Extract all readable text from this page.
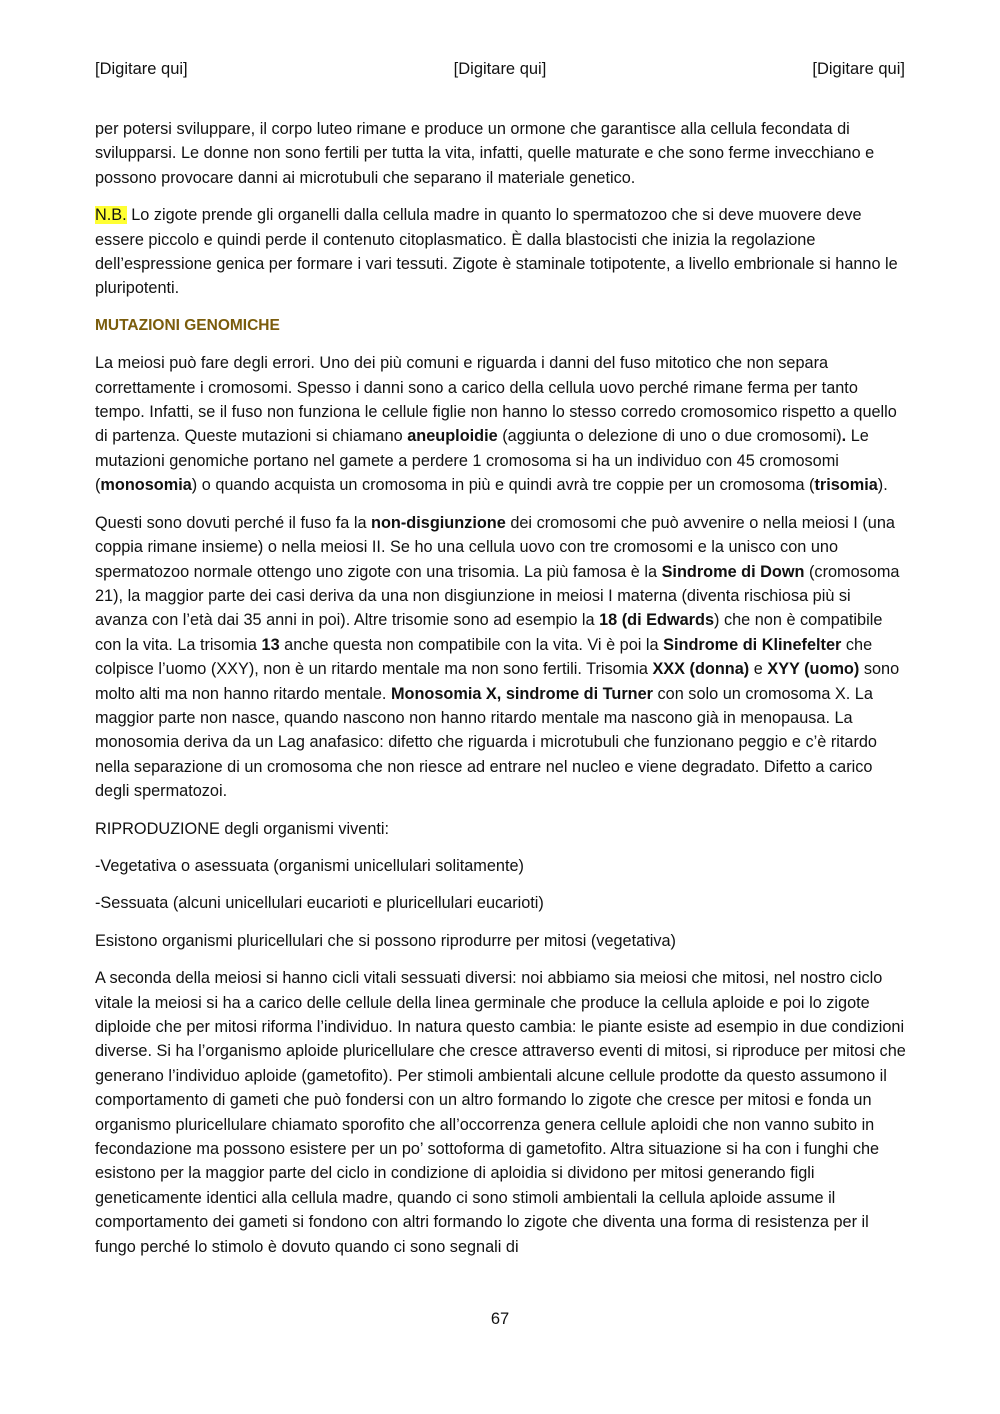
[Digitare qui]	[Digitare qui]	[Digitare qui]

per potersi sviluppare, il corpo luteo rimane e produce un ormone che garantisce alla cellula fecondata di svilupparsi. Le donne non sono fertili per tutta la vita, infatti, quelle maturate e che sono ferme invecchiano e possono provocare danni ai microtubuli che separano il materiale genetico.

N.B. Lo zigote prende gli organelli dalla cellula madre in quanto lo spermatozoo che si deve muovere deve essere piccolo e quindi perde il contenuto citoplasmatico. È dalla blastocisti che inizia la regolazione dell’espressione genica per formare i vari tessuti. Zigote è staminale totipotente, a livello embrionale si hanno le pluripotenti.

MUTAZIONI GENOMICHE

La meiosi può fare degli errori. Uno dei più comuni e riguarda i danni del fuso mitotico che non separa correttamente i cromosomi. Spesso i danni sono a carico della cellula uovo perché rimane ferma per tanto tempo. Infatti, se il fuso non funziona le cellule figlie non hanno lo stesso corredo cromosomico rispetto a quello di partenza. Queste mutazioni si chiamano aneuploidie (aggiunta o delezione di uno o due cromosomi). Le mutazioni genomiche portano nel gamete a perdere 1 cromosoma si ha un individuo con 45 cromosomi (monosomia) o quando acquista un cromosoma in più e quindi avrà tre coppie per un cromosoma (trisomia).

Questi sono dovuti perché il fuso fa la non-disgiunzione dei cromosomi che può avvenire o nella meiosi I (una coppia rimane insieme) o nella meiosi II. Se ho una cellula uovo con tre cromosomi e la unisco con uno spermatozoo normale ottengo uno zigote con una trisomia. La più famosa è la Sindrome di Down (cromosoma 21), la maggior parte dei casi deriva da una non disgiunzione in meiosi I materna (diventa rischiosa più si avanza con l’età dai 35 anni in poi). Altre trisomie sono ad esempio la 18 (di Edwards) che non è compatibile con la vita. La trisomia 13 anche questa non compatibile con la vita. Vi è poi la Sindrome di Klinefelter che colpisce l’uomo (XXY), non è un ritardo mentale ma non sono fertili. Trisomia XXX (donna) e XYY (uomo) sono molto alti ma non hanno ritardo mentale. Monosomia X, sindrome di Turner con solo un cromosoma X. La maggior parte non nasce, quando nascono non hanno ritardo mentale ma nascono già in menopausa. La monosomia deriva da un Lag anafasico: difetto che riguarda i microtubuli che funzionano peggio e c’è ritardo nella separazione di un cromosoma che non riesce ad entrare nel nucleo e viene degradato. Difetto a carico degli spermatozoi.

RIPRODUZIONE degli organismi viventi:

-Vegetativa o asessuata (organismi unicellulari solitamente)

-Sessuata (alcuni unicellulari eucarioti e pluricellulari eucarioti)

Esistono organismi pluricellulari che si possono riprodurre per mitosi (vegetativa)

A seconda della meiosi si hanno cicli vitali sessuati diversi: noi abbiamo sia meiosi che mitosi, nel nostro ciclo vitale la meiosi si ha a carico delle cellule della linea germinale che produce la cellula aploide e poi lo zigote diploide che per mitosi riforma l’individuo. In natura questo cambia: le piante esiste ad esempio in due condizioni diverse. Si ha l’organismo aploide pluricellulare che cresce attraverso eventi di mitosi, si riproduce per mitosi che generano l’individuo aploide (gametofito). Per stimoli ambientali alcune cellule prodotte da questo assumono il comportamento di gameti che può fondersi con un altro formando lo zigote che cresce per mitosi e fonda un organismo pluricellulare chiamato sporofito che all’occorrenza genera cellule aploidi che non vanno subito in fecondazione ma possono esistere per un po’ sottoforma di gametofito. Altra situazione si ha con i funghi che esistono per la maggior parte del ciclo in condizione di aploidia si dividono per mitosi generando figli geneticamente identici alla cellula madre, quando ci sono stimoli ambientali la cellula aploide assume il comportamento dei gameti si fondono con altri formando lo zigote che diventa una forma di resistenza per il fungo perché lo stimolo è dovuto quando ci sono segnali di

67
